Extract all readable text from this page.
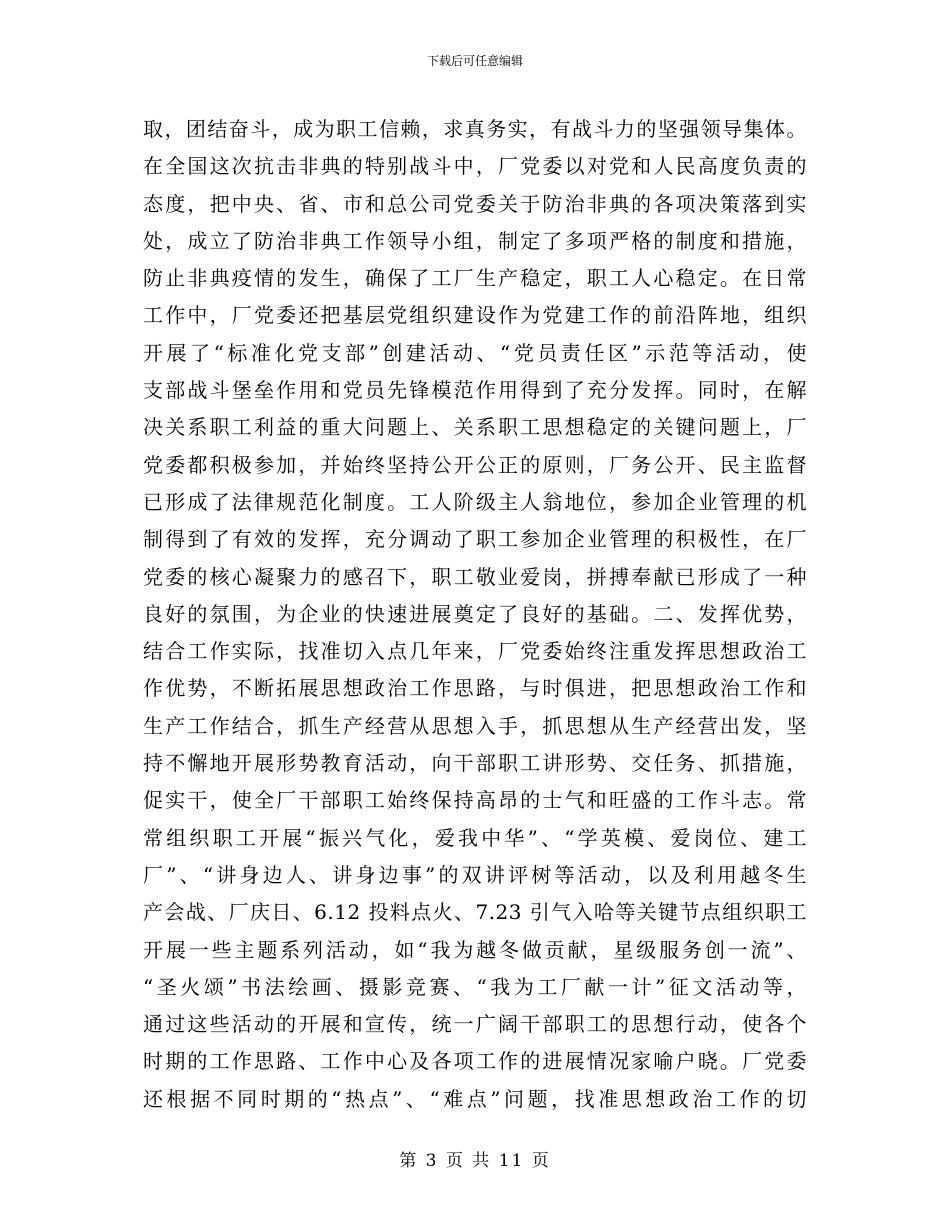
下载后可任意编辑
取，团结奋斗，成为职工信赖，求真务实，有战斗力的坚强领导集体。
在全国这次抗击非典的特别战斗中，厂党委以对党和人民高度负责的
态度，把中央、省、市和总公司党委关于防治非典的各项决策落到实
处，成立了防治非典工作领导小组，制定了多项严格的制度和措施，
防止非典疫情的发生，确保了工厂生产稳定，职工人心稳定。在日常
工作中，厂党委还把基层党组织建设作为党建工作的前沿阵地，组织
开展了“标准化党支部”创建活动、“党员责任区”示范等活动，使
支部战斗堡垒作用和党员先锋模范作用得到了充分发挥。同时，在解
决关系职工利益的重大问题上、关系职工思想稳定的关键问题上，厂
党委都积极参加，并始终坚持公开公正的原则，厂务公开、民主监督
已形成了法律规范化制度。工人阶级主人翁地位，参加企业管理的机
制得到了有效的发挥，充分调动了职工参加企业管理的积极性，在厂
党委的核心凝聚力的感召下，职工敬业爱岗，拼搏奉献已形成了一种
良好的氛围，为企业的快速进展奠定了良好的基础。二、发挥优势，
结合工作实际，找准切入点几年来，厂党委始终注重发挥思想政治工
作优势，不断拓展思想政治工作思路，与时俱进，把思想政治工作和
生产工作结合，抓生产经营从思想入手，抓思想从生产经营出发，坚
持不懈地开展形势教育活动，向干部职工讲形势、交任务、抓措施，
促实干，使全厂干部职工始终保持高昂的士气和旺盛的工作斗志。常
常组织职工开展“振兴气化，爱我中华”、“学英模、爱岗位、建工
厂”、“讲身边人、讲身边事”的双讲评树等活动，以及利用越冬生
产会战、厂庆日、6.12 投料点火、7.23 引气入哈等关键节点组织职工
开展一些主题系列活动，如“我为越冬做贡献，星级服务创一流”、
“圣火颂”书法绘画、摄影竞赛、“我为工厂献一计”征文活动等，
通过这些活动的开展和宣传，统一广阔干部职工的思想行动，使各个
时期的工作思路、工作中心及各项工作的进展情况家喻户晓。厂党委
还根据不同时期的“热点”、“难点”问题，找准思想政治工作的切
第 3 页 共 11 页
